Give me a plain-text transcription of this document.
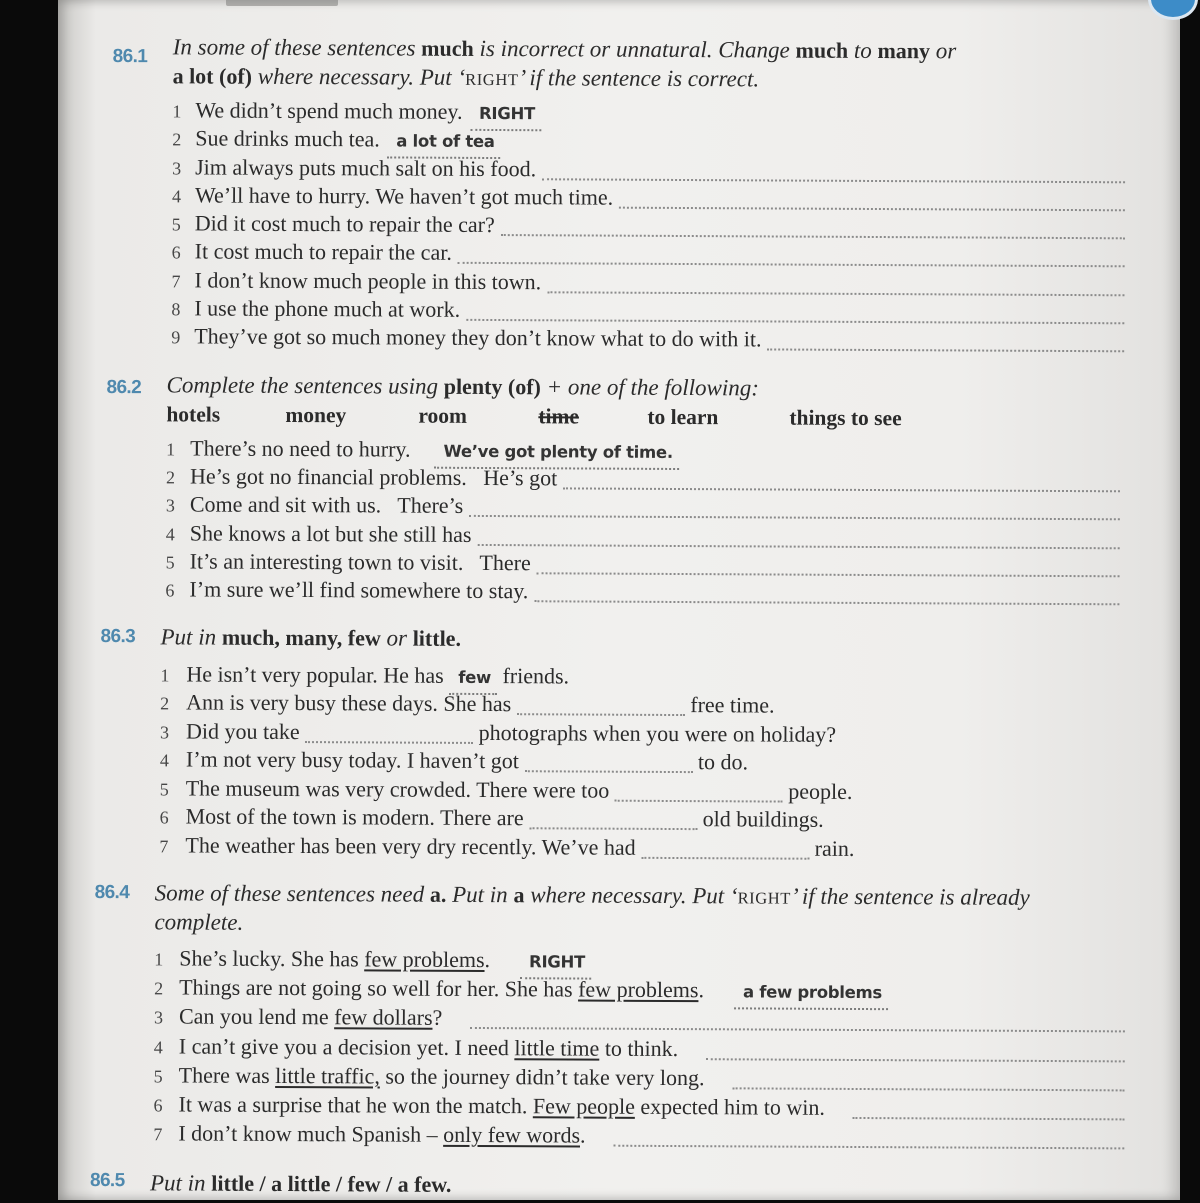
86.1 In some of these sentences much is incorrect or unnatural. Change much to many or
a lot (of) where necessary. Put ‘ RIGHT ’ if the sentence is correct.
1 We didn’t spend much money. RIGHT
2 Sue drinks much tea. a lot of tea
3 Jim always puts much salt on his food.
4 We’ll have to hurry. We haven’t got much time.
5 Did it cost much to repair the car?
6 It cost much to repair the car.
7 I don’t know much people in this town.
8 I use the phone much at work.
9 They’ve got so much money they don’t know what to do with it.
86.2 Complete the sentences using plenty (of) + one of the following:
hotels	money	room	time	to learn	things to see
1 There’s no need to hurry.	We’ve got plenty of time.
2 He’s got no financial problems.   He’s got
3 Come and sit with us.   There’s
4 She knows a lot but she still has
5 It’s an interesting town to visit.   There
6 I’m sure we’ll find somewhere to stay.
86.3 Put in much, many, few or little.
1 He isn’t very popular. He has few friends.
2 Ann is very busy these days. She has	free time.
3 Did you take	photographs when you were on holiday?
4 I’m not very busy today. I haven’t got	to do.
5 The museum was very crowded. There were too	people.
6 Most of the town is modern. There are	old buildings.
7 The weather has been very dry recently. We’ve had	rain.
86.4 Some of these sentences need a. Put in a where necessary. Put ‘ RIGHT ’ if the sentence is already
complete.
1 She’s lucky. She has few problems .	RIGHT
2 Things are not going so well for her. She has few problems .	a few problems
3 Can you lend me few dollars ?
4 I can’t give you a decision yet. I need little time to think.
5 There was little traffic, so the journey didn’t take very long.
6 It was a surprise that he won the match. Few people expected him to win.
7 I don’t know much Spanish – only few words .
86.5 Put in little / a little / few / a few.
